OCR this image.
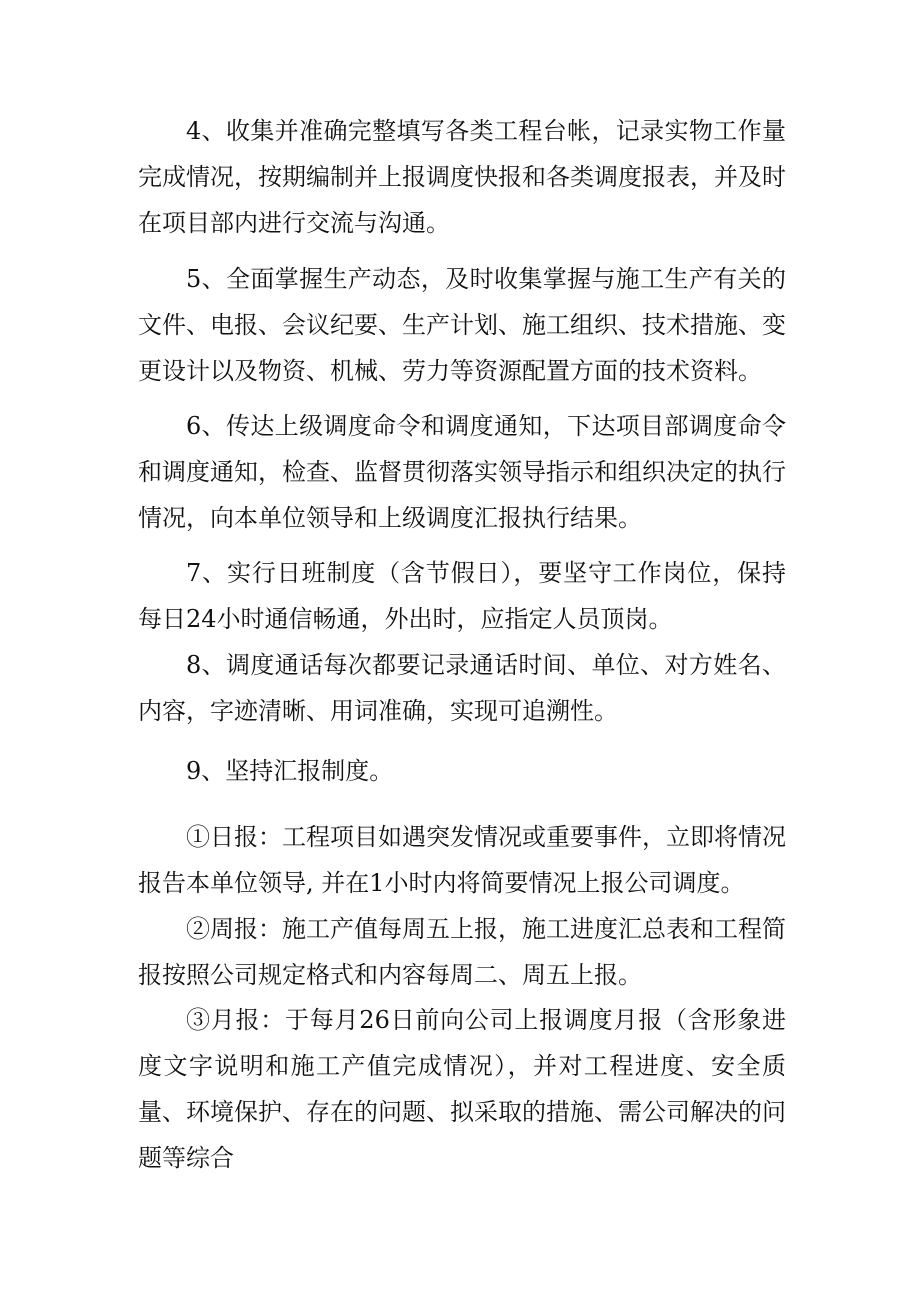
4、收集并准确完整填写各类工程台帐，记录实物工作量完成情况，按期编制并上报调度快报和各类调度报表，并及时在项目部内进行交流与沟通。

5、全面掌握生产动态，及时收集掌握与施工生产有关的文件、电报、会议纪要、生产计划、施工组织、技术措施、变更设计以及物资、机械、劳力等资源配置方面的技术资料。

6、传达上级调度命令和调度通知，下达项目部调度命令和调度通知，检查、监督贯彻落实领导指示和组织决定的执行情况，向本单位领导和上级调度汇报执行结果。

7、实行日班制度（含节假日），要坚守工作岗位，保持每日24小时通信畅通，外出时，应指定人员顶岗。

8、调度通话每次都要记录通话时间、单位、对方姓名、内容，字迹清晰、用词准确，实现可追溯性。

9、坚持汇报制度。

①日报：工程项目如遇突发情况或重要事件，立即将情况报告本单位领导, 并在1小时内将简要情况上报公司调度。

②周报：施工产值每周五上报，施工进度汇总表和工程简报按照公司规定格式和内容每周二、周五上报。

③月报：于每月26日前向公司上报调度月报（含形象进度文字说明和施工产值完成情况），并对工程进度、安全质量、环境保护、存在的问题、拟采取的措施、需公司解决的问题等综合
